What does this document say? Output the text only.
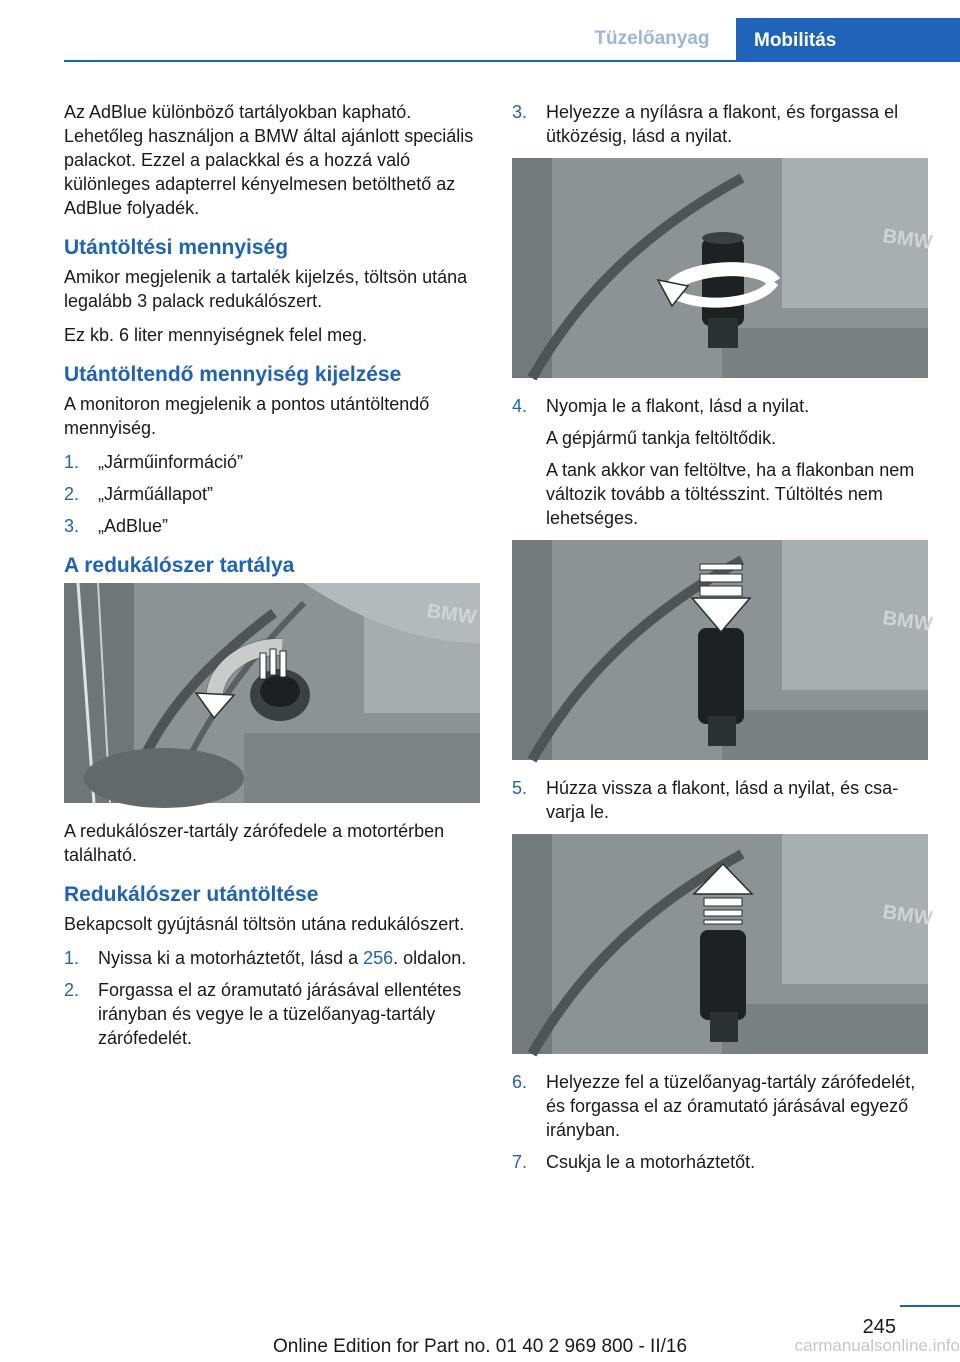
Tüzelőanyag	Mobilitás

Az AdBlue különböző tartályokban kapható. Lehetőleg használjon a BMW által ajánlott speciális palackot. Ezzel a palackkal és a hozzá való különleges adapterrel kényelmesen betölthető az AdBlue folyadék.

Utántöltési mennyiség

Amikor megjelenik a tartalék kijelzés, töltsön utána legalább 3 palack redukálószert.

Ez kb. 6 liter mennyiségnek felel meg.

Utántöltendő mennyiség kijelzése

A monitoron megjelenik a pontos utántöltendő mennyiség.

1. „Járműinformáció”
2. „Járműállapot”
3. „AdBlue”
A redukálószer tartálya
BMW

A redukálószer-tartály zárófedele a motortérben található.

Redukálószer utántöltése

Bekapcsolt gyújtásnál töltsön utána redukálószert.

1. Nyissa ki a motorháztetőt, lásd a 256. oldalon.
2. Forgassa el az óramutató járásával ellentétes irányban és vegye le a tüzelőanyag-tartály zárófedelét.
3. Helyezze a nyílásra a flakont, és forgassa el ütközésig, lásd a nyilat.
BMW
4. Nyomja le a flakont, lásd a nyilat.
A gépjármű tankja feltöltődik.
A tank akkor van feltöltve, ha a flakonban nem változik tovább a töltésszint. Túltöltés nem lehetséges.
BMW
5. Húzza vissza a flakont, lásd a nyilat, és csavarja le.
BMW
6. Helyezze fel a tüzelőanyag-tartály zárófedelét, és forgassa el az óramutató járásával egyező irányban.
7. Csukja le a motorháztetőt.
245
carmanualsonline.info
Online Edition for Part no. 01 40 2 969 800 - II/16
